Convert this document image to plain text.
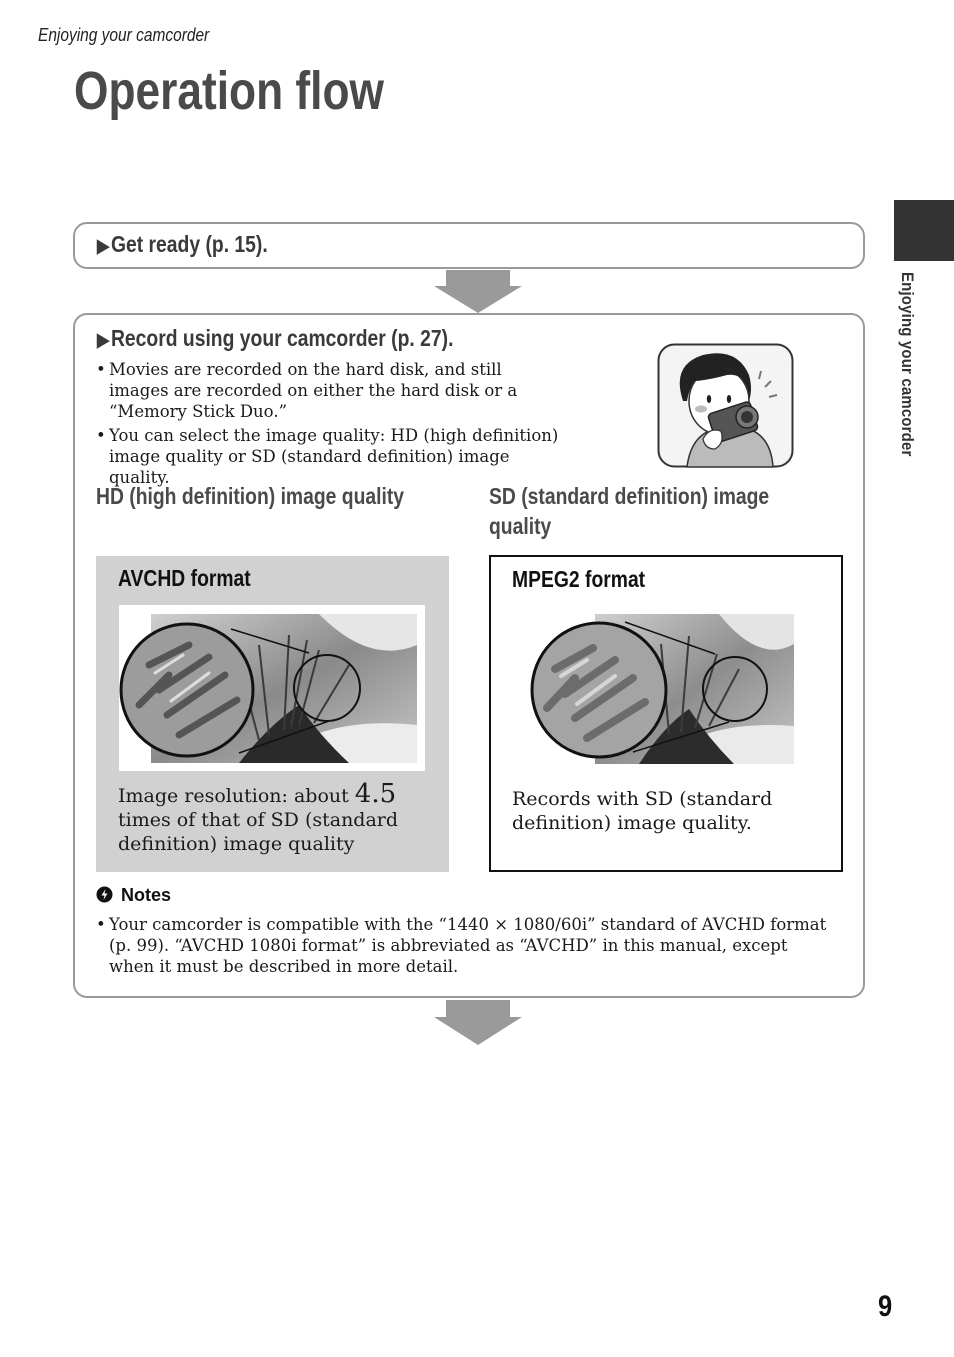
Enjoying your camcorder
Operation flow
Enjoying your camcorder
▶Get ready (p. 15).
▶Record using your camcorder (p. 27).
• Movies are recorded on the hard disk, and still images are recorded on either the hard disk or a “Memory Stick Duo.”
• You can select the image quality: HD (high definition) image quality or SD (standard definition) image quality.
HD (high definition) image quality	SD (standard definition) image quality
AVCHD format
Image resolution: about 4.5 times of that of SD (standard definition) image quality
MPEG2 format
Records with SD (standard definition) image quality.
Notes
• Your camcorder is compatible with the “1440 × 1080/60i” standard of AVCHD format (p. 99). “AVCHD 1080i format” is abbreviated as “AVCHD” in this manual, except when it must be described in more detail.
9
